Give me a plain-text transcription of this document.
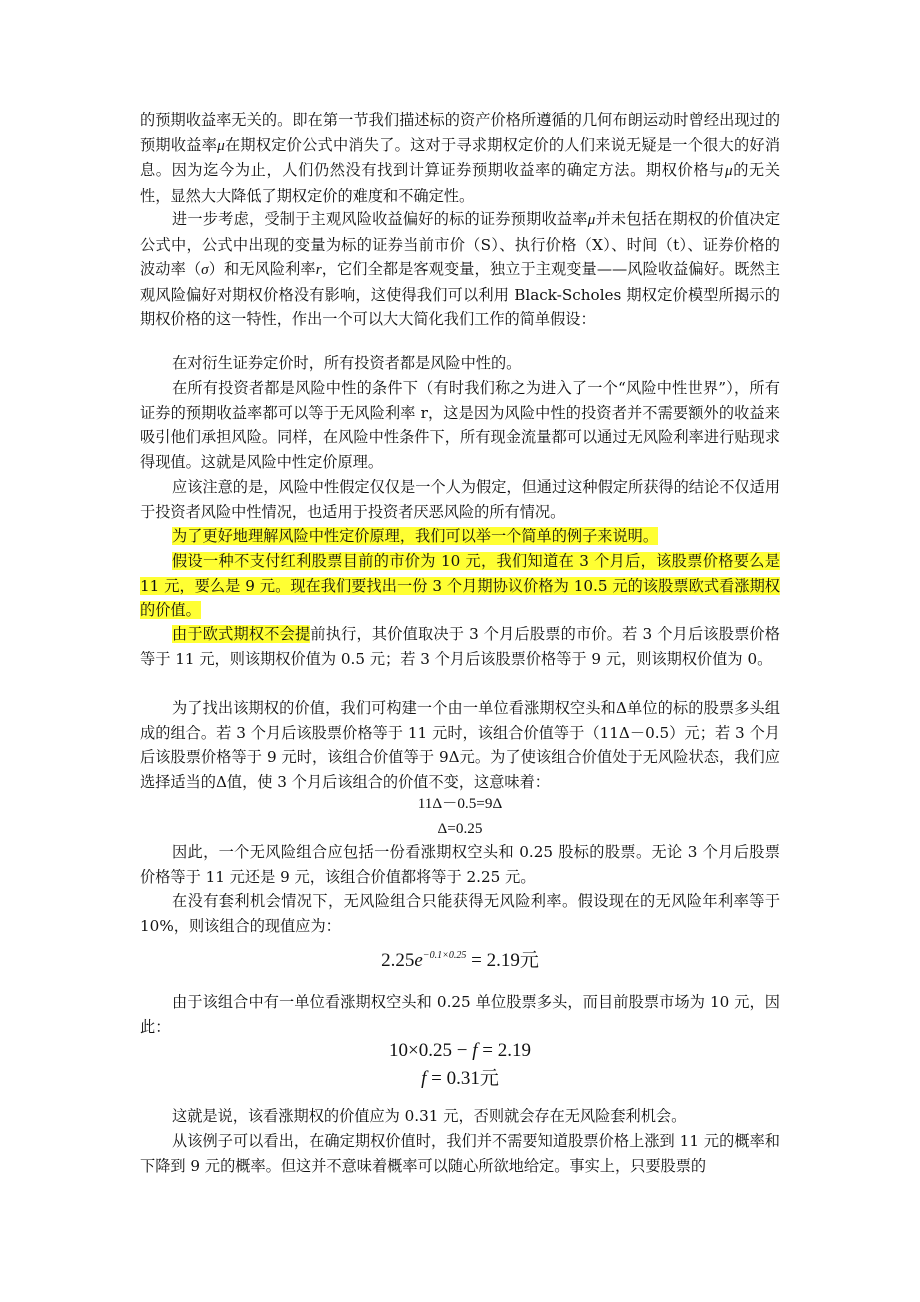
的预期收益率无关的。即在第一节我们描述标的资产价格所遵循的几何布朗运动时曾经出现过的预期收益率μ在期权定价公式中消失了。这对于寻求期权定价的人们来说无疑是一个很大的好消息。因为迄今为止，人们仍然没有找到计算证券预期收益率的确定方法。期权价格与μ的无关性，显然大大降低了期权定价的难度和不确定性。

进一步考虑，受制于主观风险收益偏好的标的证券预期收益率μ并未包括在期权的价值决定公式中，公式中出现的变量为标的证券当前市价（S）、执行价格（X）、时间（t）、证券价格的波动率（σ）和无风险利率r，它们全都是客观变量，独立于主观变量——风险收益偏好。既然主观风险偏好对期权价格没有影响，这使得我们可以利用 Black-Scholes 期权定价模型所揭示的期权价格的这一特性，作出一个可以大大简化我们工作的简单假设：

在对衍生证券定价时，所有投资者都是风险中性的。

在所有投资者都是风险中性的条件下（有时我们称之为进入了一个“风险中性世界”），所有证券的预期收益率都可以等于无风险利率 r，这是因为风险中性的投资者并不需要额外的收益来吸引他们承担风险。同样，在风险中性条件下，所有现金流量都可以通过无风险利率进行贴现求得现值。这就是风险中性定价原理。

应该注意的是，风险中性假定仅仅是一个人为假定，但通过这种假定所获得的结论不仅适用于投资者风险中性情况，也适用于投资者厌恶风险的所有情况。

为了更好地理解风险中性定价原理，我们可以举一个简单的例子来说明。

假设一种不支付红利股票目前的市价为 10 元，我们知道在 3 个月后，该股票价格要么是 11 元，要么是 9 元。现在我们要找出一份 3 个月期协议价格为 10.5 元的该股票欧式看涨期权的价值。

由于欧式期权不会提前执行，其价值取决于 3 个月后股票的市价。若 3 个月后该股票价格等于 11 元，则该期权价值为 0.5 元；若 3 个月后该股票价格等于 9 元，则该期权价值为 0。

为了找出该期权的价值，我们可构建一个由一单位看涨期权空头和Δ单位的标的股票多头组成的组合。若 3 个月后该股票价格等于 11 元时，该组合价值等于（11Δ－0.5）元；若 3 个月后该股票价格等于 9 元时，该组合价值等于 9Δ元。为了使该组合价值处于无风险状态，我们应选择适当的Δ值，使 3 个月后该组合的价值不变，这意味着：

11Δ－0.5=9Δ
Δ=0.25

因此，一个无风险组合应包括一份看涨期权空头和 0.25 股标的股票。无论 3 个月后股票价格等于 11 元还是 9 元，该组合价值都将等于 2.25 元。

在没有套利机会情况下，无风险组合只能获得无风险利率。假设现在的无风险年利率等于 10%，则该组合的现值应为：

$2.25e^{-0.1\times 0.25} = 2.19$元

由于该组合中有一单位看涨期权空头和 0.25 单位股票多头，而目前股票市场为 10 元，因此：

10×0.25 − f = 2.19
f = 0.31元

这就是说，该看涨期权的价值应为 0.31 元，否则就会存在无风险套利机会。

从该例子可以看出，在确定期权价值时，我们并不需要知道股票价格上涨到 11 元的概率和下降到 9 元的概率。但这并不意味着概率可以随心所欲地给定。事实上，只要股票的
